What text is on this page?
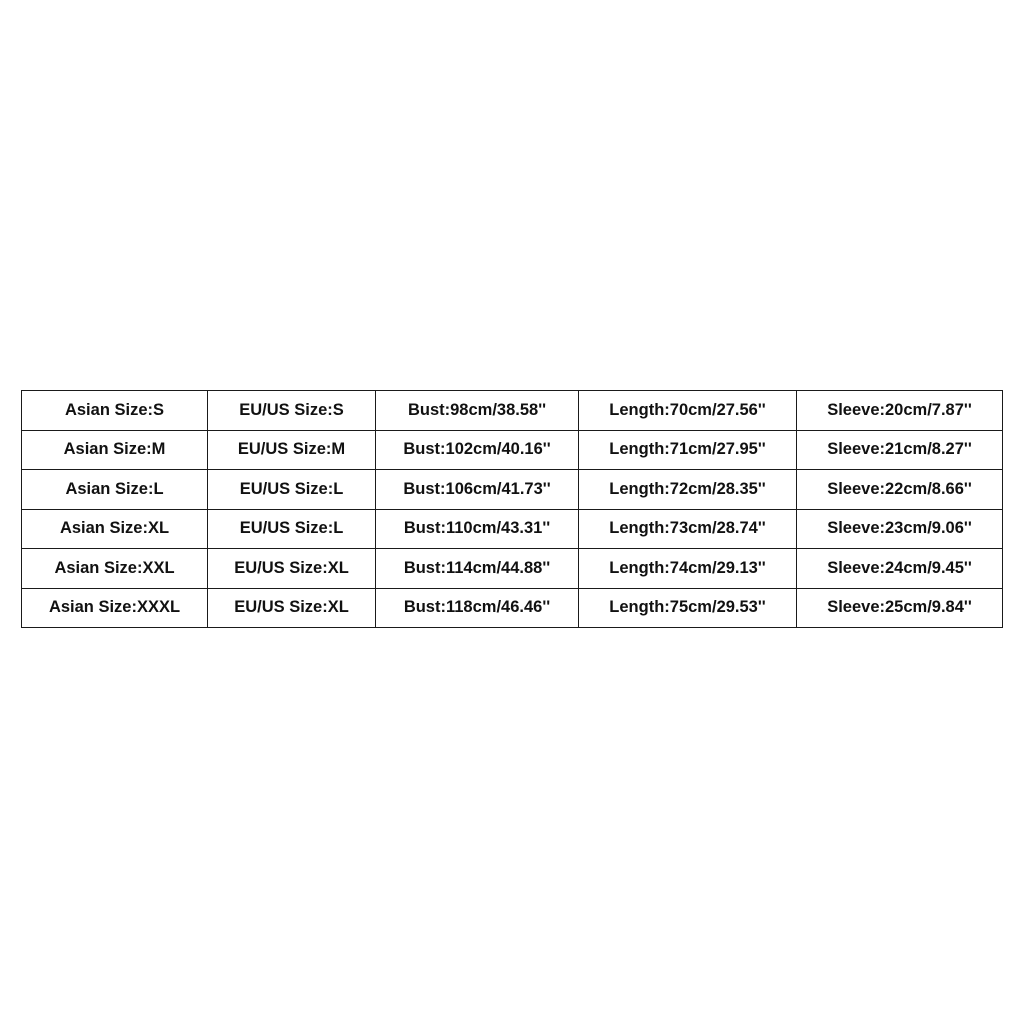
Asian Size:S	EU/US Size:S	Bust:98cm/38.58''	Length:70cm/27.56''	Sleeve:20cm/7.87''
Asian Size:M	EU/US Size:M	Bust:102cm/40.16''	Length:71cm/27.95''	Sleeve:21cm/8.27''
Asian Size:L	EU/US Size:L	Bust:106cm/41.73''	Length:72cm/28.35''	Sleeve:22cm/8.66''
Asian Size:XL	EU/US Size:L	Bust:110cm/43.31''	Length:73cm/28.74''	Sleeve:23cm/9.06''
Asian Size:XXL	EU/US Size:XL	Bust:114cm/44.88''	Length:74cm/29.13''	Sleeve:24cm/9.45''
Asian Size:XXXL	EU/US Size:XL	Bust:118cm/46.46''	Length:75cm/29.53''	Sleeve:25cm/9.84''
